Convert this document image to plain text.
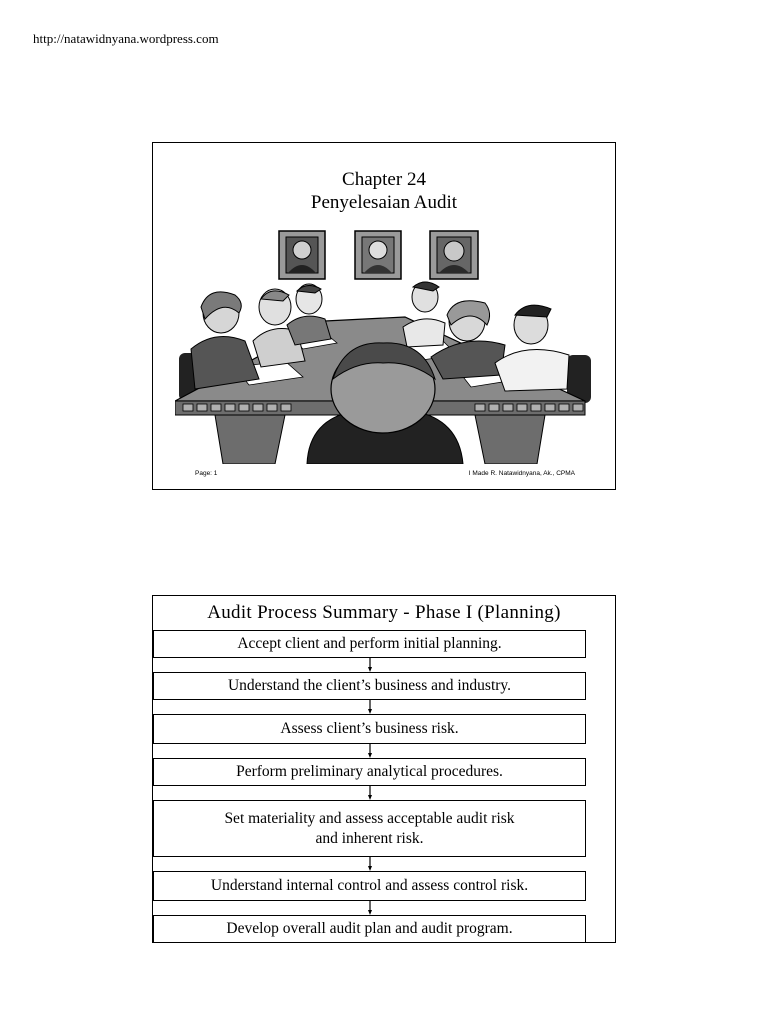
http://natawidnyana.wordpress.com
Chapter 24
Penyelesaian Audit
Page: 1	I Made R. Natawidnyana, Ak., CPMA
Audit Process Summary - Phase I (Planning)
Accept client and perform initial planning.
Understand the client’s business and industry.
Assess client’s business risk.
Perform preliminary analytical procedures.
Set materiality and assess acceptable audit risk
and inherent risk.
Understand internal control and assess control risk.
Develop overall audit plan and audit program.
